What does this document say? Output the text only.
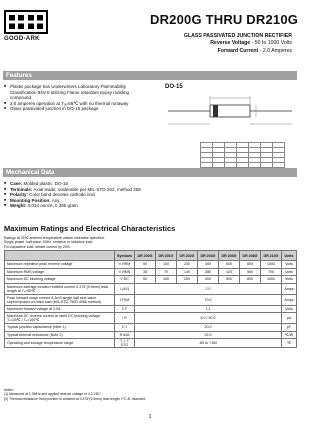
GOOD-ARK
DR200G THRU DR210G
GLASS PASSIVATED JUNCTION RECTIFIER
Reverse Voltage - 50 to 1000 Volts
Forward Current - 2.0 Amperes
Features
■ Plastic package has Underwriters Laboratory Flammability Classification 94V-0 utilizing Flame retardant epoxy molding compound
■ 2.0 amperes operation at Tₐ=55℃ with no thermal runaway
■ Glass passivated junction in DO-15 package
DO-15

Mechanical Data
■ Case: Molded plastic, DO-15
■ Terminals: Axial leads, solderable per MIL-STD-202, method 208
■ Polarity: Color band denotes cathode end
■ Mounting Position: Any
■ Weight: 0.014 ounce, 0.395 gram
Maximum Ratings and Electrical Characteristics
Ratings at 25℃ ambient temperature unless otherwise specified.
Single phase, half wave, 60Hz, resistive or inductive load.
For capacitive load, derate current by 20%.
	Symbols	DR 200G	DR 201G	DR 202G	DR 204G	DR 206G	DR 208G	DR 210G	Units
Maximum repetitive peak reverse voltage	V RRM	50	100	200	400	600	800	1000	Volts
Maximum RMS voltage	V RMS	35	70	140	280	420	560	700	Volts
Maximum DC blocking voltage	V DC	50	100	200	400	600	800	1000	Volts
Maximum average forward rectified current 0.375"(9.5mm) lead length at Tₐ=55℃	I (AV)	2.0							Amps
Peak forward surge current 8.3mS single half sine-wave superimposed on rated load (MIL-STD-750D 4066 method)	I FSM	70.0							Amps
Maximum forward voltage at 2.0A	V F	1.1							Volts
Maximum DC reverse current at rated DC blocking voltage Tₐ=25℃ / Tₐ=100℃	I R	5.0 / 50.0							μA
Typical junction capacitance (Note 1)	C J	20.0							pF
Typical thermal resistance (Note 2)	R θJA	22.0							℃/W
Operating and storage temperature range	T J, T STG	-65 to +150							℃
Notes:
(1) Measured at 1.0MHz and applied reverse voltage of 4.0 VDC.
(2) Thermal resistance from junction to ambient at 0.375"(9.5mm) lead length, P.C.B. mounted.
1
